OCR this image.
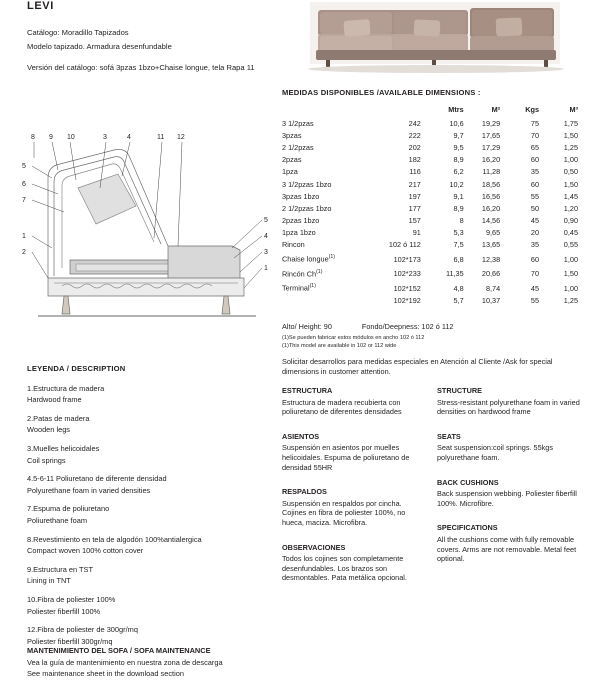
LEVI
Catálogo: Moradillo Tapizados
Modelo tapizado. Armadura desenfundable
Versión del catálogo: sofá 3pzas 1bzo+Chaise longue, tela Rapa 11
MEDIDAS DISPONIBLES /AVAILABLE DIMENSIONS :
		Mtrs	M²	Kgs	M³
3 1/2pzas	242	10,6	19,29	75	1,75
3pzas	222	9,7	17,65	70	1,50
2 1/2pzas	202	9,5	17,29	65	1,25
2pzas	182	8,9	16,20	60	1,00
1pza	116	6,2	11,28	35	0,50
3 1/2pzas 1bzo	217	10,2	18,56	60	1,50
3pzas 1bzo	197	9,1	16,56	55	1,45
2 1/2pzas 1bzo	177	8,9	16,20	50	1,20
2pzas 1bzo	157	8	14,56	45	0,90
1pza 1bzo	91	5,3	9,65	20	0,45
Rincon	102 ó 112	7,5	13,65	35	0,55
Chaise longue$^{(1)}$	102*173	6,8	12,38	60	1,00
Rincón Ch$^{(1)}$	102*233	11,35	20,66	70	1,50
Terminal$^{(1)}$	102*152	4,8	8,74	45	1,00
	102*192	5,7	10,37	55	1,25
Alto/ Height: 90	Fondo/Deepness: 102 ó 112
(1)Se pueden fabricar estos módulos en ancho 102 ó 112
(1)This model are available in 102 or 112 wide
Solicitar desarrollos para medidas especiales en Atención al Cliente /Ask for special dimensions in customer attention.
8 9 10	3	4	11 12
5
6
7
1
2
5
4
3
1
LEYENDA / DESCRIPTION
1.Estructura de madera
Hardwood frame
2.Patas de madera
Wooden legs
3.Muelles helicoidales
Coil springs
4.5-6-11 Poliuretano de diferente densidad
Polyurethane foam in varied densities
7.Espuma de poliuretano
Poliurethane foam
8.Revestimiento en tela de algodón 100%antialergica
Compact woven 100% cotton cover
9.Estructura en TST
Lining in TNT
10.Fibra de poliester 100%
Poliester fiberfill 100%
12.Fibra de poliester de 300gr/mq
Poliester fiberfill 300gr/mq
MANTENIMIENTO DEL SOFA / SOFA MAINTENANCE
Vea la guía de mantenimiento en nuestra zona de descarga
See maintenance sheet in the download section
ESTRUCTURA
Estructura de madera recubierta con poliuretano de diferentes densidades
ASIENTOS
Suspensión en asientos por muelles helicoidales. Espuma de poliuretano de densidad 55HR
RESPALDOS
Suspensión en respaldos por cincha. Cojines en fibra de poliester 100%, no hueca, maciza. Microfibra.
OBSERVACIONES
Todos los cojines son completamente desenfundables. Los brazos son desmontables. Pata metálica opcional.
STRUCTURE
Stress-resistant polyurethane foam in varied densities on hardwood frame
SEATS
Seat suspension:coil springs. 55kgs polyurethane foam.
BACK CUSHIONS
Back suspension webbing. Poliester fiberfill 100%. Microfibre.
SPECIFICATIONS
All the cushions come with fully removable covers. Arms are not removable. Metal feet optional.
